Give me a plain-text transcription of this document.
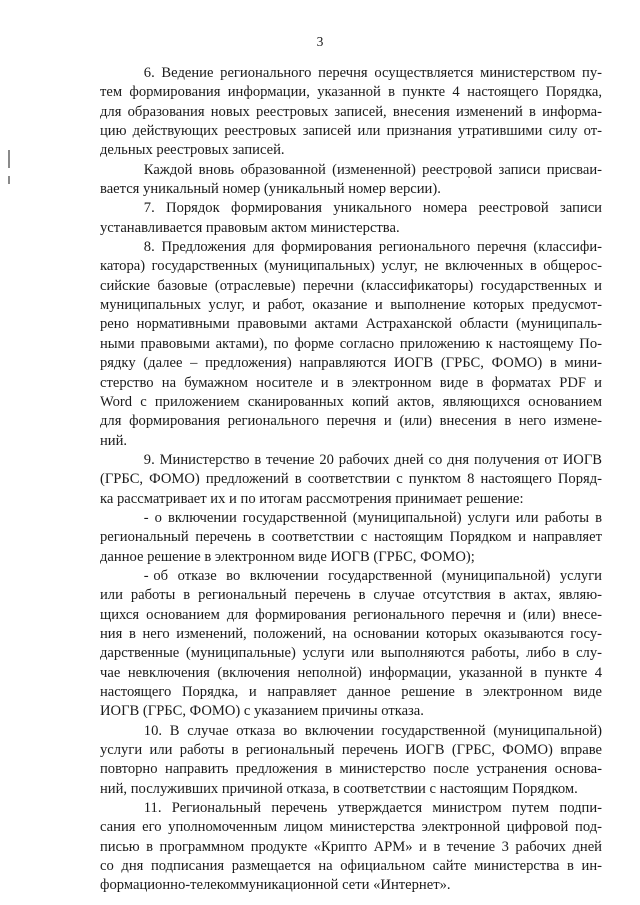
3

   6. Ведение регионального перечня осуществляется министерством пу-
тем формирования информации, указанной в пункте 4 настоящего Порядка,
для образования новых реестровых записей, внесения изменений в информа-
цию действующих реестровых записей или признания утратившими силу от-
дельных реестровых записей.

   Каждой вновь образованной (измененной) реестровой записи присваи-
вается уникальный номер (уникальный номер версии).

   7.  Порядок  формирования  уникального  номера  реестровой  записи
устанавливается правовым актом министерства.

   8. Предложения для формирования регионального перечня (классифи-
катора) государственных (муниципальных) услуг, не включенных в общерос-
сийские базовые (отраслевые) перечни (классификаторы) государственных и
муниципальных услуг, и работ, оказание и выполнение которых предусмот-
рено нормативными правовыми актами Астраханской области (муниципаль-
ными правовыми актами), по форме согласно приложению к настоящему По-
рядку (далее – предложения) направляются ИОГВ (ГРБС, ФОМО) в мини-
стерство на бумажном носителе и в электронном виде в форматах PDF и
Word с приложением сканированных копий актов, являющихся основанием
для формирования регионального перечня и (или) внесения в него измене-
ний.

   9. Министерство в течение 20 рабочих дней со дня получения от ИОГВ
(ГРБС, ФОМО) предложений в соответствии с пунктом 8 настоящего Поряд-
ка рассматривает их и по итогам рассмотрения принимает решение:

   - о включении государственной (муниципальной) услуги или работы в
региональный перечень в соответствии с настоящим Порядком и направляет
данное решение в электронном виде ИОГВ (ГРБС, ФОМО);

   - об  отказе  во  включении  государственной  (муниципальной)  услуги
или работы в региональный перечень в случае отсутствия в актах, являю-
щихся основанием для формирования регионального перечня и (или) внесе-
ния в него изменений, положений, на основании которых оказываются госу-
дарственные (муниципальные) услуги или выполняются работы, либо в слу-
чае невключения (включения неполной) информации, указанной в пункте 4
настоящего  Порядка,  и  направляет  данное  решение  в  электронном  виде
ИОГВ (ГРБС, ФОМО) с указанием причины отказа.

   10. В случае отказа во включении государственной (муниципальной)
услуги или работы в региональный перечень ИОГВ (ГРБС, ФОМО) вправе
повторно направить предложения в министерство после устранения основа-
ний, послуживших причиной отказа, в соответствии с настоящим Порядком.

   11. Региональный перечень утверждается министром путем подпи-
сания его уполномоченным лицом министерства электронной цифровой под-
писью в программном продукте «Крипто АРМ» и в течение 3 рабочих дней
со дня подписания размещается на официальном сайте министерства в ин-
формационно-телекоммуникационной сети «Интернет».
